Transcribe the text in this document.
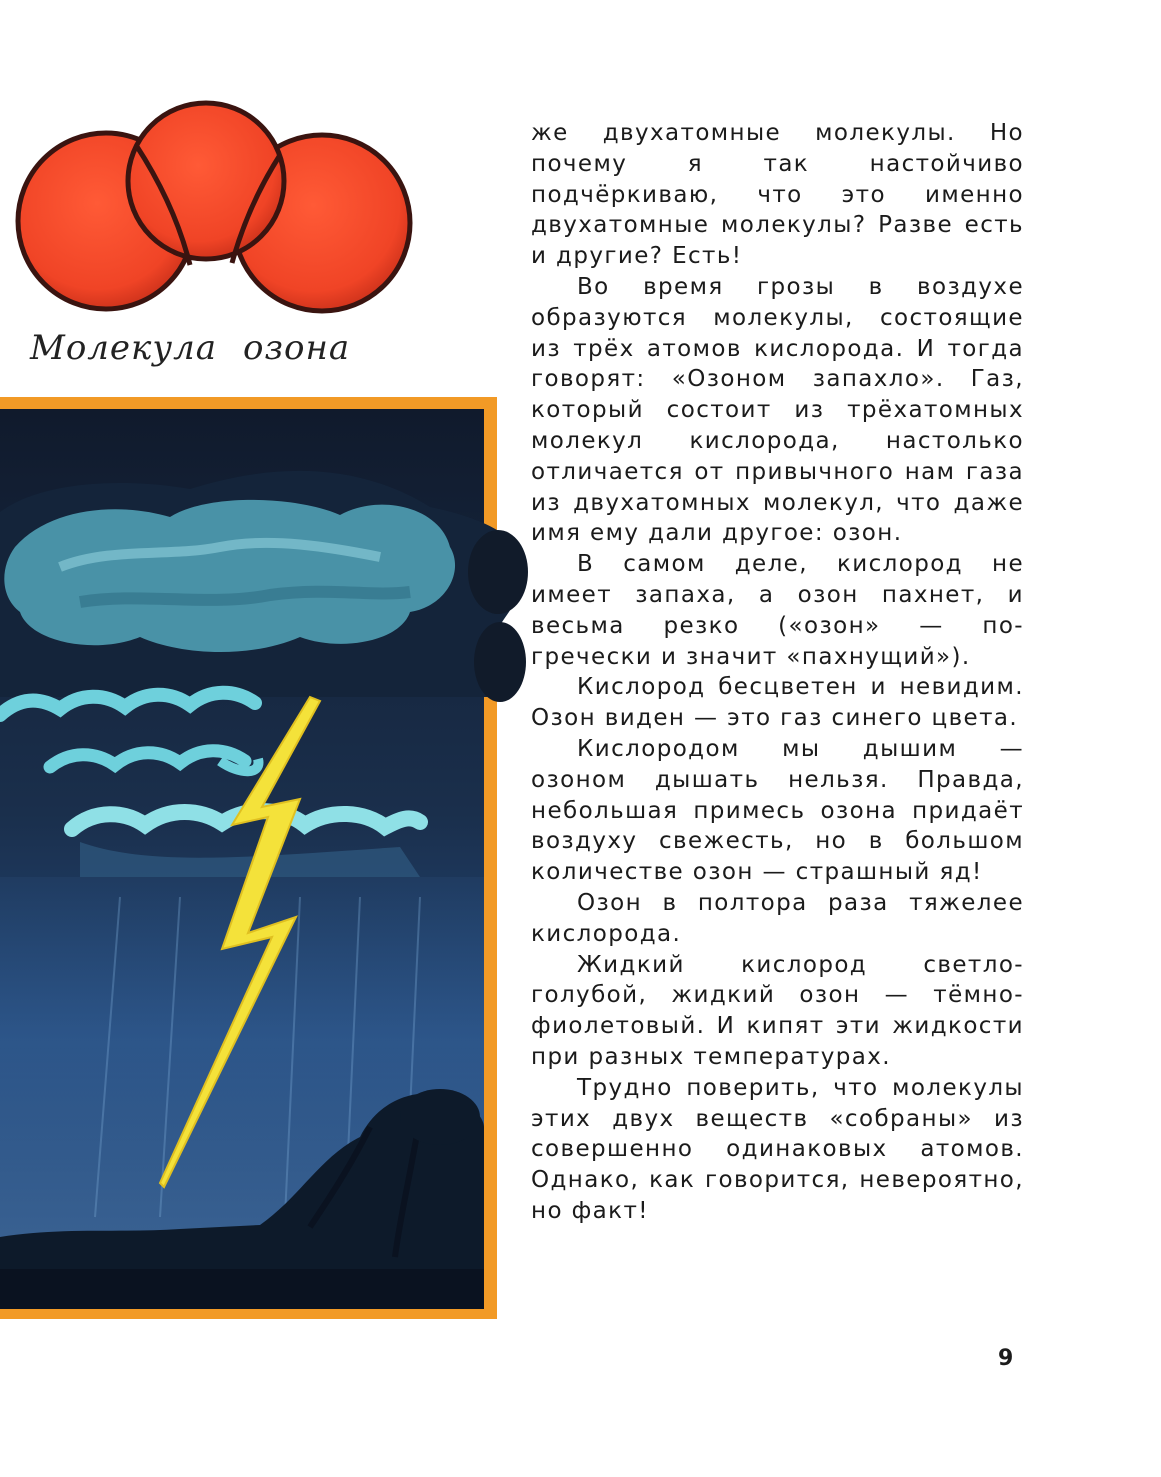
Молекула озона

же двухатомные молекулы. Но почему я так настойчиво подчёркиваю, что это именно двухатомные молекулы? Разве есть и другие? Есть!

Во время грозы в воздухе образуются молекулы, состоящие из трёх атомов кислорода. И тогда говорят: «Озоном запахло». Газ, который состоит из трёхатомных молекул кислорода, настолько отличается от привычного нам газа из двухатомных молекул, что даже имя ему дали другое: озон.

В самом деле, кислород не имеет запаха, а озон пахнет, и весьма резко («озон» — по-гречески и значит «пахнущий»).

Кислород бесцветен и невидим. Озон виден — это газ синего цвета.

Кислородом мы дышим — озоном дышать нельзя. Правда, небольшая примесь озона придаёт воздуху свежесть, но в большом количестве озон — страшный яд!

Озон в полтора раза тяжелее кислорода.

Жидкий кислород светло-голубой, жидкий озон — тёмно-фиолетовый. И кипят эти жидкости при разных температурах.

Трудно поверить, что молекулы этих двух веществ «собраны» из совершенно одинаковых атомов. Однако, как говорится, невероятно, но факт!

9
